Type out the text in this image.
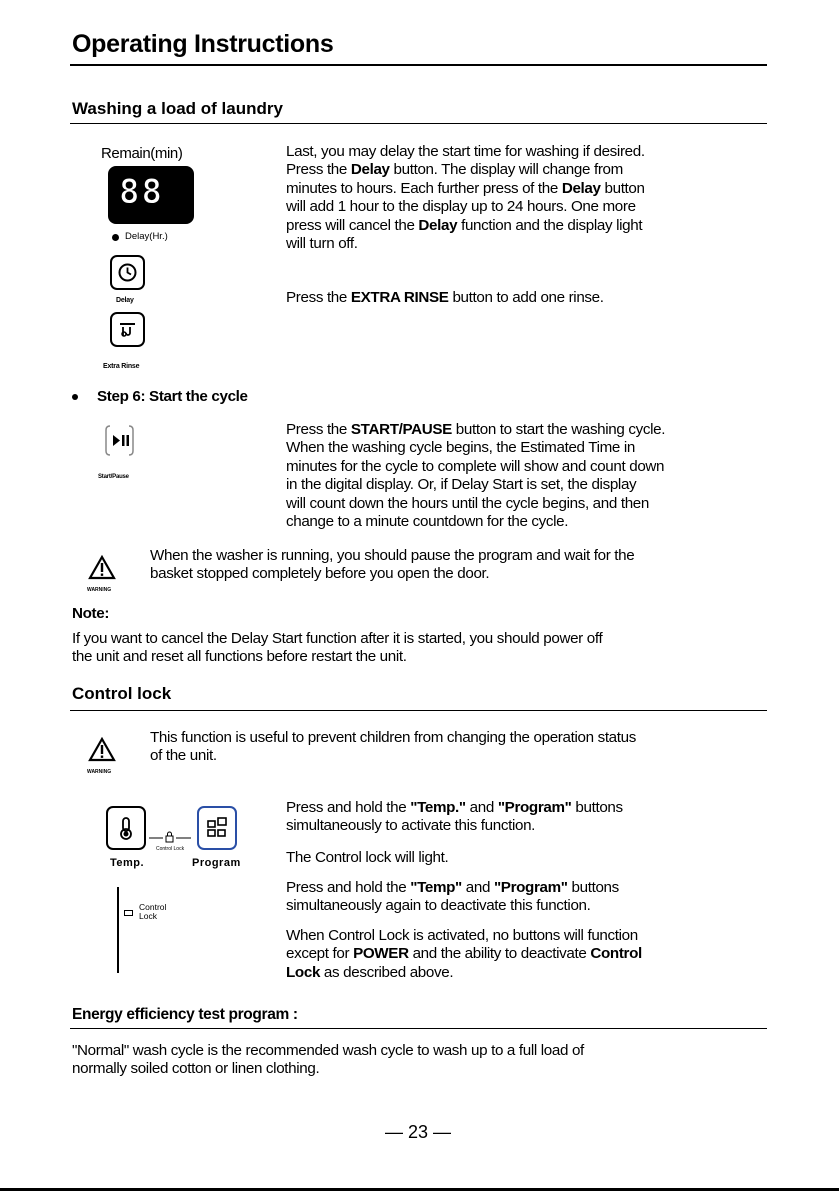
Operating Instructions
Washing a load of laundry
Remain(min)
88
Delay(Hr.)
Delay
Extra Rinse
Last, you may delay the start time for washing if desired.
Press the Delay button. The display will change from
minutes to hours. Each further press of the Delay button
will add 1 hour to the display up to 24 hours. One more
press will cancel the Delay function and the display light
will turn off.
Press the EXTRA RINSE button to add one rinse.
Step 6: Start the cycle
Start/Pause
Press the START/PAUSE button to start the washing cycle.
When the washing cycle begins, the Estimated Time in
minutes for the cycle to complete will show and count down
in the digital display. Or, if Delay Start is set, the display
will count down the hours until the cycle begins, and then
change to a minute countdown for the cycle.
WARNING
When the washer is running, you should pause the program and wait for the
basket stopped completely before you open the door.
Note:
If you want to cancel the Delay Start function after it is started, you should power off
the unit and reset all functions before restart the unit.
Control lock
WARNING
This function is useful to prevent children from changing the operation status
of the unit.
Control Lock
Temp.	Program
Control
Lock
Press and hold the "Temp." and "Program" buttons
simultaneously to activate this function.
The Control lock will light.
Press and hold the "Temp" and "Program" buttons
simultaneously again to deactivate this function.
When Control Lock is activated, no buttons will function
except for POWER and the ability to deactivate Control
Lock as described above.
Energy efficiency test program :
"Normal" wash cycle is the recommended wash cycle to wash up to a full load of
normally soiled cotton or linen clothing.
— 23 —
